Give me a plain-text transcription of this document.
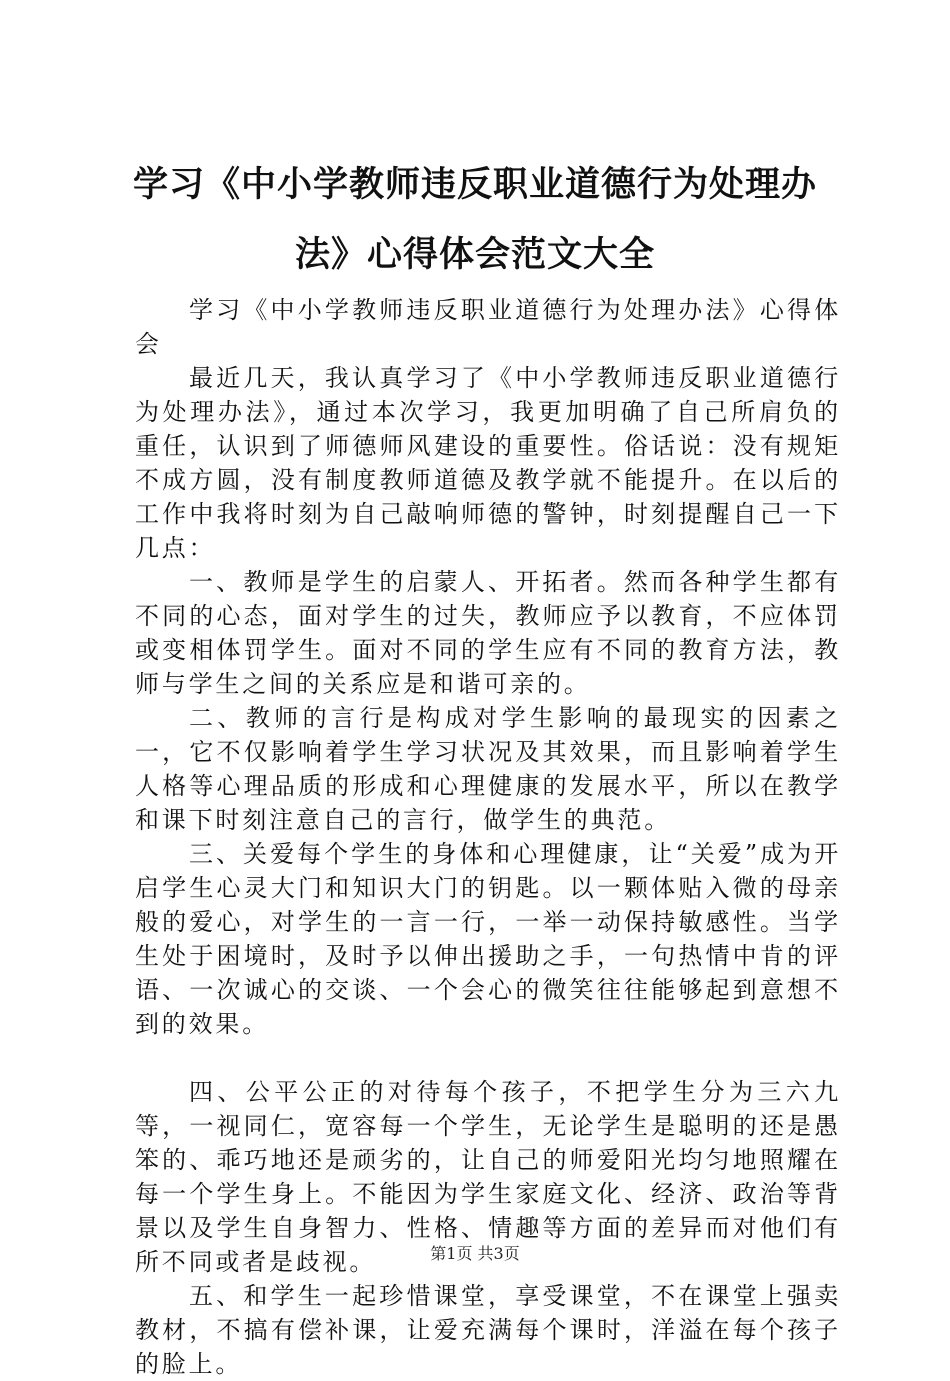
学习《中小学教师违反职业道德行为处理办法》心得体会范文大全

学习《中小学教师违反职业道德行为处理办法》心得体会

最近几天，我认真学习了《中小学教师违反职业道德行为处理办法》，通过本次学习，我更加明确了自己所肩负的重任，认识到了师德师风建设的重要性。俗话说：没有规矩不成方圆，没有制度教师道德及教学就不能提升。在以后的工作中我将时刻为自己敲响师德的警钟，时刻提醒自己一下几点：

一、教师是学生的启蒙人、开拓者。然而各种学生都有不同的心态，面对学生的过失，教师应予以教育，不应体罚或变相体罚学生。面对不同的学生应有不同的教育方法，教师与学生之间的关系应是和谐可亲的。

二、教师的言行是构成对学生影响的最现实的因素之一，它不仅影响着学生学习状况及其效果，而且影响着学生人格等心理品质的形成和心理健康的发展水平，所以在教学和课下时刻注意自己的言行，做学生的典范。

三、关爱每个学生的身体和心理健康，让“关爱”成为开启学生心灵大门和知识大门的钥匙。以一颗体贴入微的母亲般的爱心，对学生的一言一行，一举一动保持敏感性。当学生处于困境时，及时予以伸出援助之手，一句热情中肯的评语、一次诚心的交谈、一个会心的微笑往往能够起到意想不到的效果。

四、公平公正的对待每个孩子，不把学生分为三六九等，一视同仁，宽容每一个学生，无论学生是聪明的还是愚笨的、乖巧地还是顽劣的，让自己的师爱阳光均匀地照耀在每一个学生身上。不能因为学生家庭文化、经济、政治等背景以及学生自身智力、性格、情趣等方面的差异而对他们有所不同或者是歧视。

五、和学生一起珍惜课堂，享受课堂，不在课堂上强卖教材，不搞有偿补课，让爱充满每个课时，洋溢在每个孩子的脸上。

第1页 共3页
